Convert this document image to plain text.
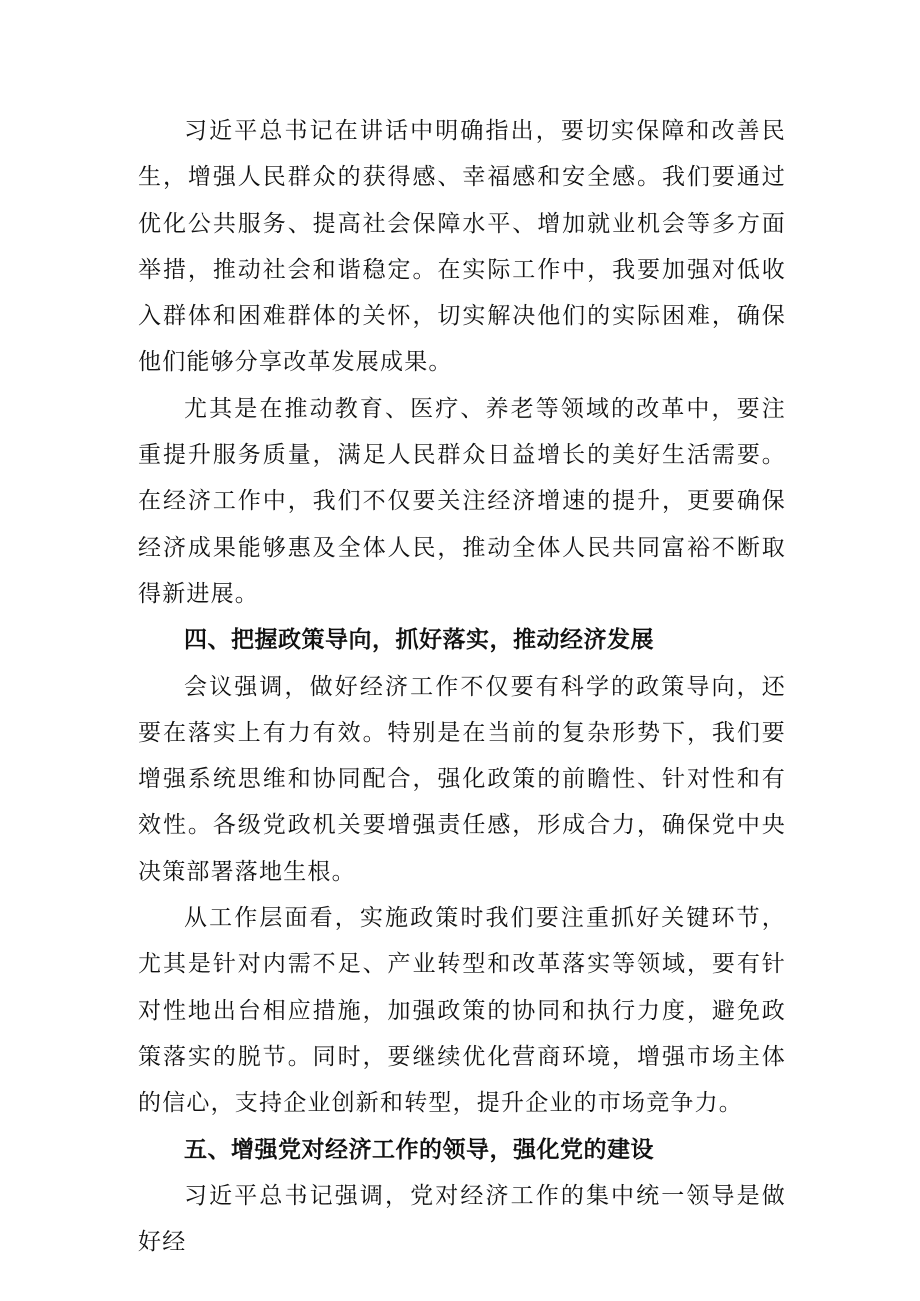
习近平总书记在讲话中明确指出，要切实保障和改善民生，增强人民群众的获得感、幸福感和安全感。我们要通过优化公共服务、提高社会保障水平、增加就业机会等多方面举措，推动社会和谐稳定。在实际工作中，我要加强对低收入群体和困难群体的关怀，切实解决他们的实际困难，确保他们能够分享改革发展成果。

尤其是在推动教育、医疗、养老等领域的改革中，要注重提升服务质量，满足人民群众日益增长的美好生活需要。在经济工作中，我们不仅要关注经济增速的提升，更要确保经济成果能够惠及全体人民，推动全体人民共同富裕不断取得新进展。

四、把握政策导向，抓好落实，推动经济发展

会议强调，做好经济工作不仅要有科学的政策导向，还要在落实上有力有效。特别是在当前的复杂形势下，我们要增强系统思维和协同配合，强化政策的前瞻性、针对性和有效性。各级党政机关要增强责任感，形成合力，确保党中央决策部署落地生根。

从工作层面看，实施政策时我们要注重抓好关键环节，尤其是针对内需不足、产业转型和改革落实等领域，要有针对性地出台相应措施，加强政策的协同和执行力度，避免政策落实的脱节。同时，要继续优化营商环境，增强市场主体的信心，支持企业创新和转型，提升企业的市场竞争力。

五、增强党对经济工作的领导，强化党的建设

习近平总书记强调，党对经济工作的集中统一领导是做好经
